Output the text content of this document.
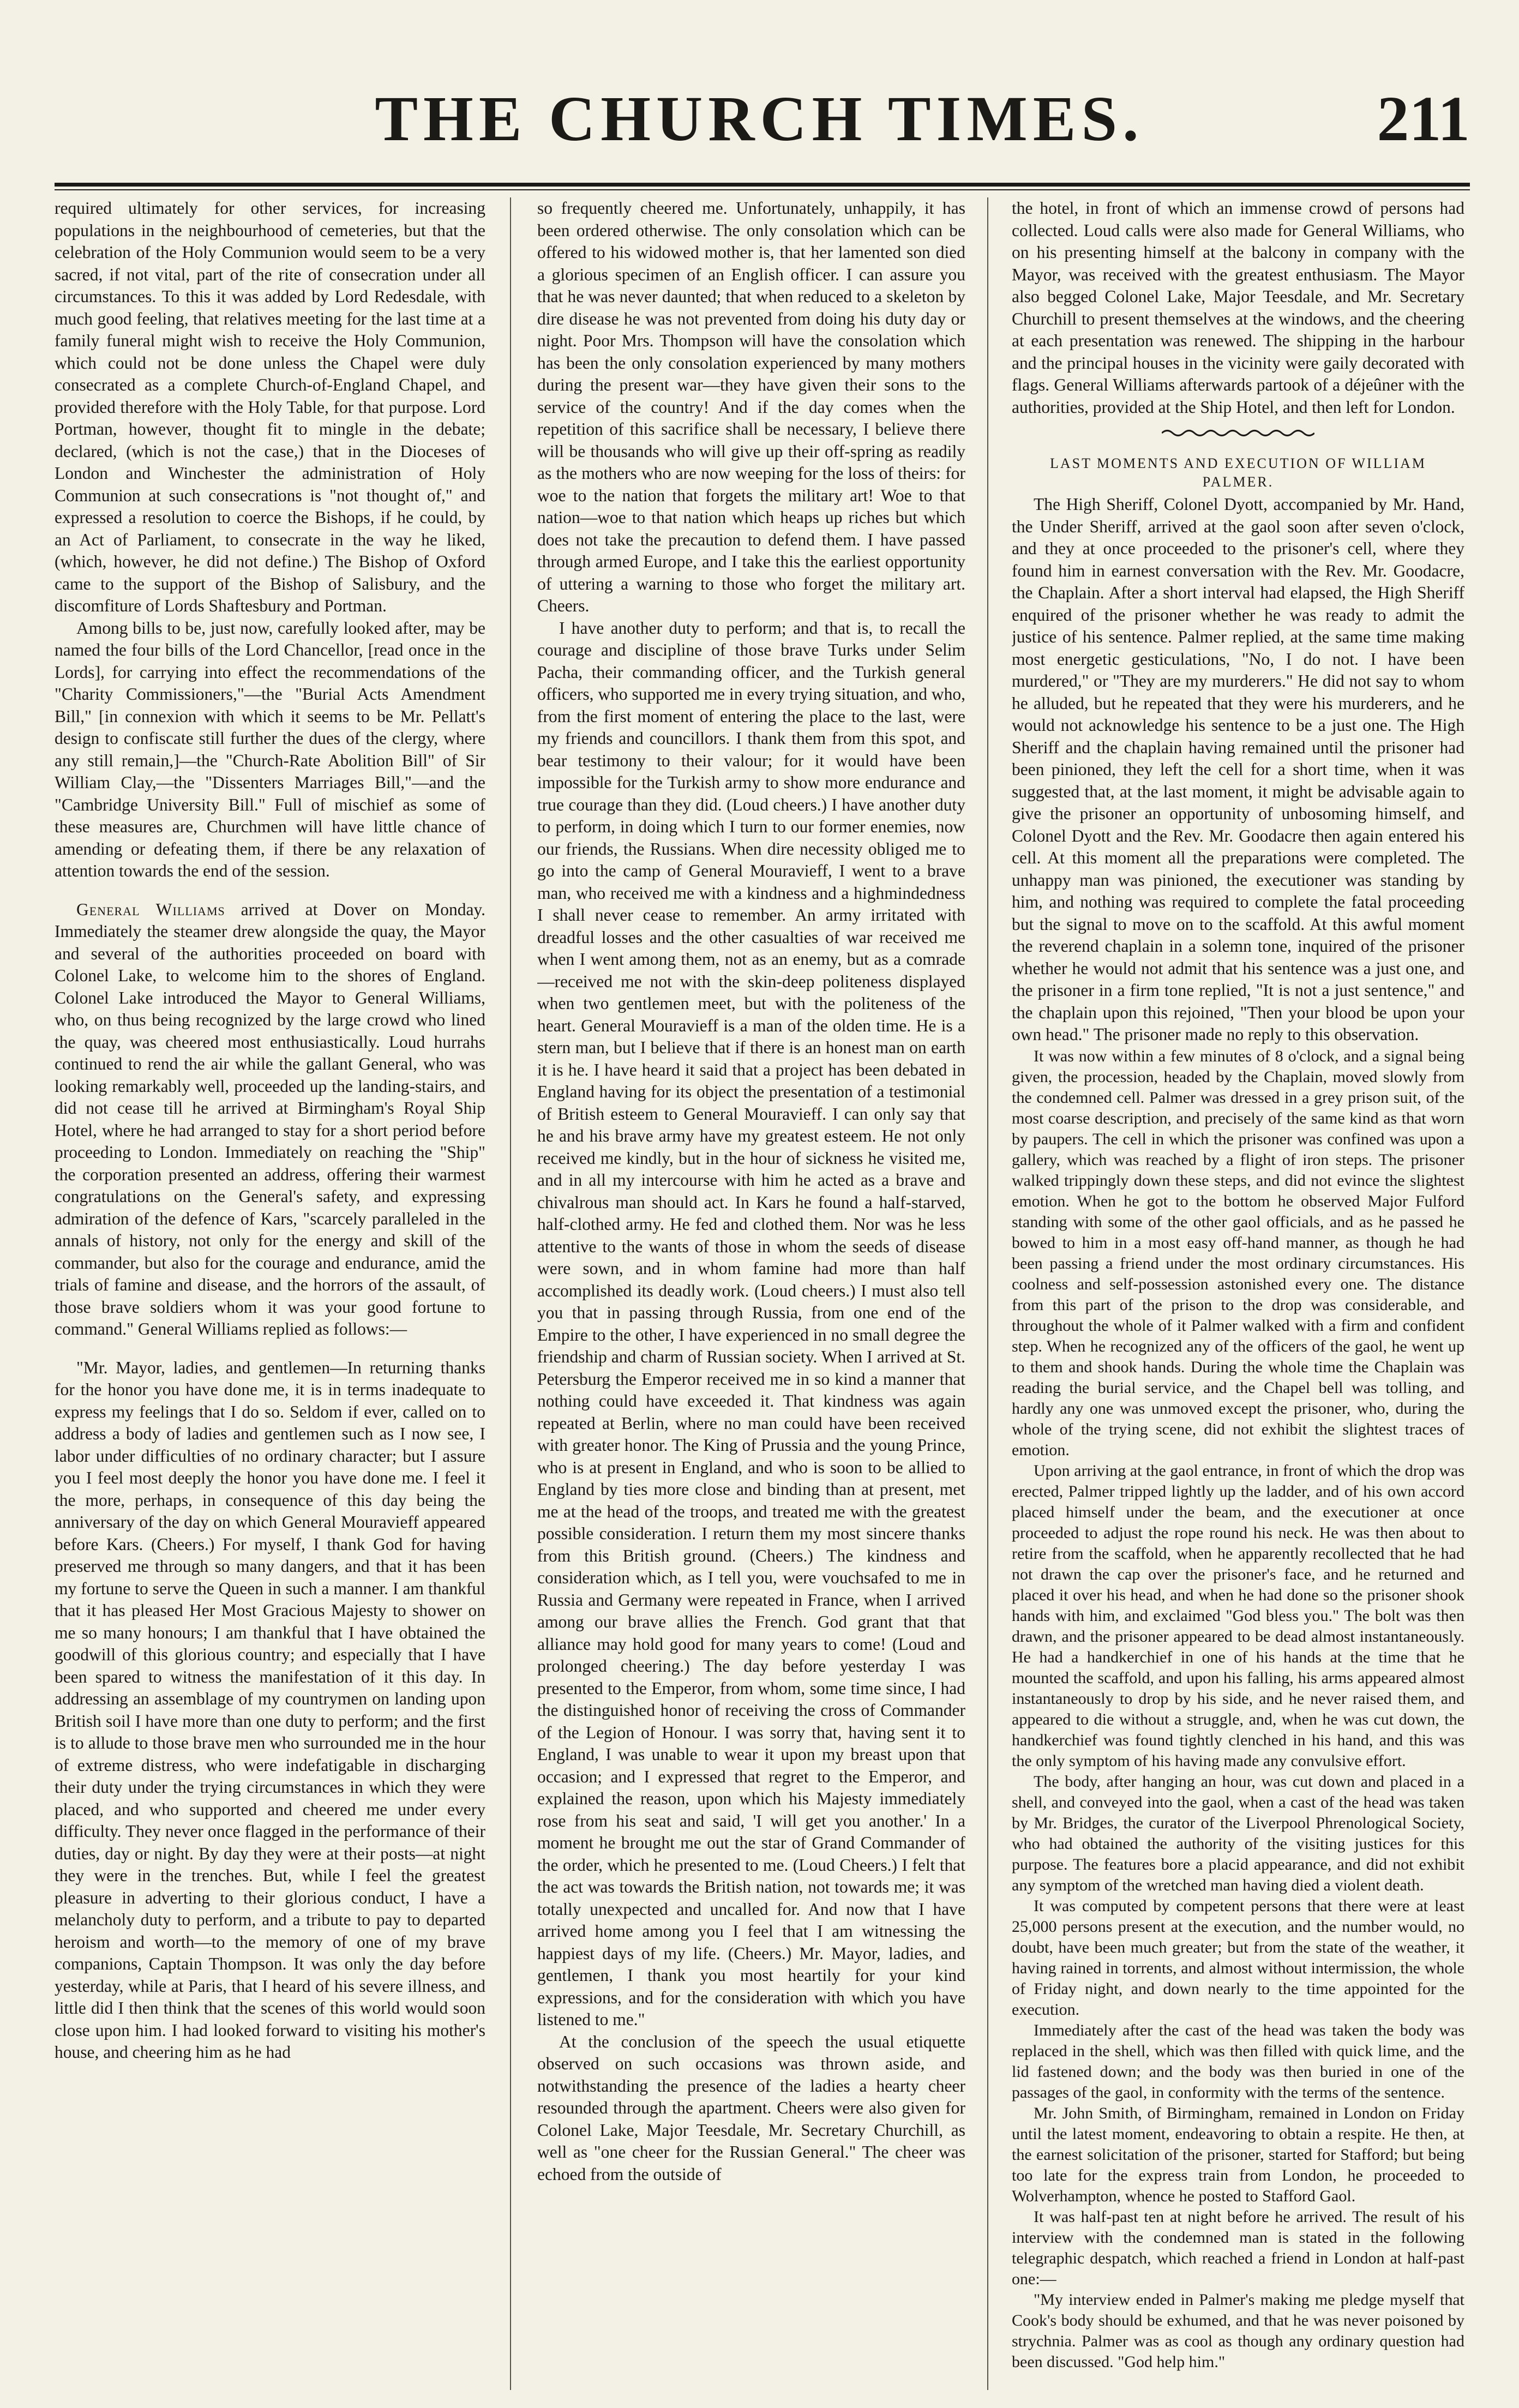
THE CHURCH TIMES.	211

required ultimately for other services, for increasing populations in the neighbourhood of cemeteries, but that the celebration of the Holy Communion would seem to be a very sacred, if not vital, part of the rite of consecration under all circumstances. To this it was added by Lord Redesdale, with much good feeling, that relatives meeting for the last time at a family funeral might wish to receive the Holy Communion, which could not be done unless the Chapel were duly consecrated as a complete Church-of-England Chapel, and provided therefore with the Holy Table, for that purpose. Lord Portman, however, thought fit to mingle in the debate; declared, (which is not the case,) that in the Dioceses of London and Winchester the administration of Holy Communion at such consecrations is "not thought of," and expressed a resolution to coerce the Bishops, if he could, by an Act of Parliament, to consecrate in the way he liked, (which, however, he did not define.) The Bishop of Oxford came to the support of the Bishop of Salisbury, and the discomfiture of Lords Shaftesbury and Portman.

Among bills to be, just now, carefully looked after, may be named the four bills of the Lord Chancellor, [read once in the Lords], for carrying into effect the recommendations of the "Charity Commissioners,"—the "Burial Acts Amendment Bill," [in connexion with which it seems to be Mr. Pellatt's design to confiscate still further the dues of the clergy, where any still remain,]—the "Church-Rate Abolition Bill" of Sir William Clay,—the "Dissenters Marriages Bill,"—and the "Cambridge University Bill." Full of mischief as some of these measures are, Churchmen will have little chance of amending or defeating them, if there be any relaxation of attention towards the end of the session.

General Williams arrived at Dover on Monday. Immediately the steamer drew alongside the quay, the Mayor and several of the authorities proceeded on board with Colonel Lake, to welcome him to the shores of England. Colonel Lake introduced the Mayor to General Williams, who, on thus being recognized by the large crowd who lined the quay, was cheered most enthusiastically. Loud hurrahs continued to rend the air while the gallant General, who was looking remarkably well, proceeded up the landing-stairs, and did not cease till he arrived at Birmingham's Royal Ship Hotel, where he had arranged to stay for a short period before proceeding to London. Immediately on reaching the "Ship" the corporation presented an address, offering their warmest congratulations on the General's safety, and expressing admiration of the defence of Kars, "scarcely paralleled in the annals of history, not only for the energy and skill of the commander, but also for the courage and endurance, amid the trials of famine and disease, and the horrors of the assault, of those brave soldiers whom it was your good fortune to command." General Williams replied as follows:—

"Mr. Mayor, ladies, and gentlemen—In returning thanks for the honor you have done me, it is in terms inadequate to express my feelings that I do so. Seldom if ever, called on to address a body of ladies and gentlemen such as I now see, I labor under difficulties of no ordinary character; but I assure you I feel most deeply the honor you have done me. I feel it the more, perhaps, in consequence of this day being the anniversary of the day on which General Mouravieff appeared before Kars. (Cheers.) For myself, I thank God for having preserved me through so many dangers, and that it has been my fortune to serve the Queen in such a manner. I am thankful that it has pleased Her Most Gracious Majesty to shower on me so many honours; I am thankful that I have obtained the goodwill of this glorious country; and especially that I have been spared to witness the manifestation of it this day. In addressing an assemblage of my countrymen on landing upon British soil I have more than one duty to perform; and the first is to allude to those brave men who surrounded me in the hour of extreme distress, who were indefatigable in discharging their duty under the trying circumstances in which they were placed, and who supported and cheered me under every difficulty. They never once flagged in the performance of their duties, day or night. By day they were at their posts—at night they were in the trenches. But, while I feel the greatest pleasure in adverting to their glorious conduct, I have a melancholy duty to perform, and a tribute to pay to departed heroism and worth—to the memory of one of my brave companions, Captain Thompson. It was only the day before yesterday, while at Paris, that I heard of his severe illness, and little did I then think that the scenes of this world would soon close upon him. I had looked forward to visiting his mother's house, and cheering him as he had

so frequently cheered me. Unfortunately, unhappily, it has been ordered otherwise. The only consolation which can be offered to his widowed mother is, that her lamented son died a glorious specimen of an English officer. I can assure you that he was never daunted; that when reduced to a skeleton by dire disease he was not prevented from doing his duty day or night. Poor Mrs. Thompson will have the consolation which has been the only consolation experienced by many mothers during the present war—they have given their sons to the service of the country! And if the day comes when the repetition of this sacrifice shall be necessary, I believe there will be thousands who will give up their off-spring as readily as the mothers who are now weeping for the loss of theirs: for woe to the nation that forgets the military art! Woe to that nation—woe to that nation which heaps up riches but which does not take the precaution to defend them. I have passed through armed Europe, and I take this the earliest opportunity of uttering a warning to those who forget the military art. Cheers.

I have another duty to perform; and that is, to recall the courage and discipline of those brave Turks under Selim Pacha, their commanding officer, and the Turkish general officers, who supported me in every trying situation, and who, from the first moment of entering the place to the last, were my friends and councillors. I thank them from this spot, and bear testimony to their valour; for it would have been impossible for the Turkish army to show more endurance and true courage than they did. (Loud cheers.) I have another duty to perform, in doing which I turn to our former enemies, now our friends, the Russians. When dire necessity obliged me to go into the camp of General Mouravieff, I went to a brave man, who received me with a kindness and a highmindedness I shall never cease to remember. An army irritated with dreadful losses and the other casualties of war received me when I went among them, not as an enemy, but as a comrade—received me not with the skin-deep politeness displayed when two gentlemen meet, but with the politeness of the heart. General Mouravieff is a man of the olden time. He is a stern man, but I believe that if there is an honest man on earth it is he. I have heard it said that a project has been debated in England having for its object the presentation of a testimonial of British esteem to General Mouravieff. I can only say that he and his brave army have my greatest esteem. He not only received me kindly, but in the hour of sickness he visited me, and in all my intercourse with him he acted as a brave and chivalrous man should act. In Kars he found a half-starved, half-clothed army. He fed and clothed them. Nor was he less attentive to the wants of those in whom the seeds of disease were sown, and in whom famine had more than half accomplished its deadly work. (Loud cheers.) I must also tell you that in passing through Russia, from one end of the Empire to the other, I have experienced in no small degree the friendship and charm of Russian society. When I arrived at St. Petersburg the Emperor received me in so kind a manner that nothing could have exceeded it. That kindness was again repeated at Berlin, where no man could have been received with greater honor. The King of Prussia and the young Prince, who is at present in England, and who is soon to be allied to England by ties more close and binding than at present, met me at the head of the troops, and treated me with the greatest possible consideration. I return them my most sincere thanks from this British ground. (Cheers.) The kindness and consideration which, as I tell you, were vouchsafed to me in Russia and Germany were repeated in France, when I arrived among our brave allies the French. God grant that that alliance may hold good for many years to come! (Loud and prolonged cheering.) The day before yesterday I was presented to the Emperor, from whom, some time since, I had the distinguished honor of receiving the cross of Commander of the Legion of Honour. I was sorry that, having sent it to England, I was unable to wear it upon my breast upon that occasion; and I expressed that regret to the Emperor, and explained the reason, upon which his Majesty immediately rose from his seat and said, 'I will get you another.' In a moment he brought me out the star of Grand Commander of the order, which he presented to me. (Loud Cheers.) I felt that the act was towards the British nation, not towards me; it was totally unexpected and uncalled for. And now that I have arrived home among you I feel that I am witnessing the happiest days of my life. (Cheers.) Mr. Mayor, ladies, and gentlemen, I thank you most heartily for your kind expressions, and for the consideration with which you have listened to me."

At the conclusion of the speech the usual etiquette observed on such occasions was thrown aside, and notwithstanding the presence of the ladies a hearty cheer resounded through the apartment. Cheers were also given for Colonel Lake, Major Teesdale, Mr. Secretary Churchill, as well as "one cheer for the Russian General." The cheer was echoed from the outside of

the hotel, in front of which an immense crowd of persons had collected. Loud calls were also made for General Williams, who on his presenting himself at the balcony in company with the Mayor, was received with the greatest enthusiasm. The Mayor also begged Colonel Lake, Major Teesdale, and Mr. Secretary Churchill to present themselves at the windows, and the cheering at each presentation was renewed. The shipping in the harbour and the principal houses in the vicinity were gaily decorated with flags. General Williams afterwards partook of a déjeûner with the authorities, provided at the Ship Hotel, and then left for London.

LAST MOMENTS AND EXECUTION OF WILLIAM PALMER.

The High Sheriff, Colonel Dyott, accompanied by Mr. Hand, the Under Sheriff, arrived at the gaol soon after seven o'clock, and they at once proceeded to the prisoner's cell, where they found him in earnest conversation with the Rev. Mr. Goodacre, the Chaplain. After a short interval had elapsed, the High Sheriff enquired of the prisoner whether he was ready to admit the justice of his sentence. Palmer replied, at the same time making most energetic gesticulations, "No, I do not. I have been murdered," or "They are my murderers." He did not say to whom he alluded, but he repeated that they were his murderers, and he would not acknowledge his sentence to be a just one. The High Sheriff and the chaplain having remained until the prisoner had been pinioned, they left the cell for a short time, when it was suggested that, at the last moment, it might be advisable again to give the prisoner an opportunity of unbosoming himself, and Colonel Dyott and the Rev. Mr. Goodacre then again entered his cell. At this moment all the preparations were completed. The unhappy man was pinioned, the executioner was standing by him, and nothing was required to complete the fatal proceeding but the signal to move on to the scaffold. At this awful moment the reverend chaplain in a solemn tone, inquired of the prisoner whether he would not admit that his sentence was a just one, and the prisoner in a firm tone replied, "It is not a just sentence," and the chaplain upon this rejoined, "Then your blood be upon your own head." The prisoner made no reply to this observation.

It was now within a few minutes of 8 o'clock, and a signal being given, the procession, headed by the Chaplain, moved slowly from the condemned cell. Palmer was dressed in a grey prison suit, of the most coarse description, and precisely of the same kind as that worn by paupers. The cell in which the prisoner was confined was upon a gallery, which was reached by a flight of iron steps. The prisoner walked trippingly down these steps, and did not evince the slightest emotion. When he got to the bottom he observed Major Fulford standing with some of the other gaol officials, and as he passed he bowed to him in a most easy off-hand manner, as though he had been passing a friend under the most ordinary circumstances. His coolness and self-possession astonished every one. The distance from this part of the prison to the drop was considerable, and throughout the whole of it Palmer walked with a firm and confident step. When he recognized any of the officers of the gaol, he went up to them and shook hands. During the whole time the Chaplain was reading the burial service, and the Chapel bell was tolling, and hardly any one was unmoved except the prisoner, who, during the whole of the trying scene, did not exhibit the slightest traces of emotion.

Upon arriving at the gaol entrance, in front of which the drop was erected, Palmer tripped lightly up the ladder, and of his own accord placed himself under the beam, and the executioner at once proceeded to adjust the rope round his neck. He was then about to retire from the scaffold, when he apparently recollected that he had not drawn the cap over the prisoner's face, and he returned and placed it over his head, and when he had done so the prisoner shook hands with him, and exclaimed "God bless you." The bolt was then drawn, and the prisoner appeared to be dead almost instantaneously. He had a handkerchief in one of his hands at the time that he mounted the scaffold, and upon his falling, his arms appeared almost instantaneously to drop by his side, and he never raised them, and appeared to die without a struggle, and, when he was cut down, the handkerchief was found tightly clenched in his hand, and this was the only symptom of his having made any convulsive effort.

The body, after hanging an hour, was cut down and placed in a shell, and conveyed into the gaol, when a cast of the head was taken by Mr. Bridges, the curator of the Liverpool Phrenological Society, who had obtained the authority of the visiting justices for this purpose. The features bore a placid appearance, and did not exhibit any symptom of the wretched man having died a violent death.

It was computed by competent persons that there were at least 25,000 persons present at the execution, and the number would, no doubt, have been much greater; but from the state of the weather, it having rained in torrents, and almost without intermission, the whole of Friday night, and down nearly to the time appointed for the execution.

Immediately after the cast of the head was taken the body was replaced in the shell, which was then filled with quick lime, and the lid fastened down; and the body was then buried in one of the passages of the gaol, in conformity with the terms of the sentence.

Mr. John Smith, of Birmingham, remained in London on Friday until the latest moment, endeavoring to obtain a respite. He then, at the earnest solicitation of the prisoner, started for Stafford; but being too late for the express train from London, he proceeded to Wolverhampton, whence he posted to Stafford Gaol.

It was half-past ten at night before he arrived. The result of his interview with the condemned man is stated in the following telegraphic despatch, which reached a friend in London at half-past one:—

"My interview ended in Palmer's making me pledge myself that Cook's body should be exhumed, and that he was never poisoned by strychnia. Palmer was as cool as though any ordinary question had been discussed. "God help him."
